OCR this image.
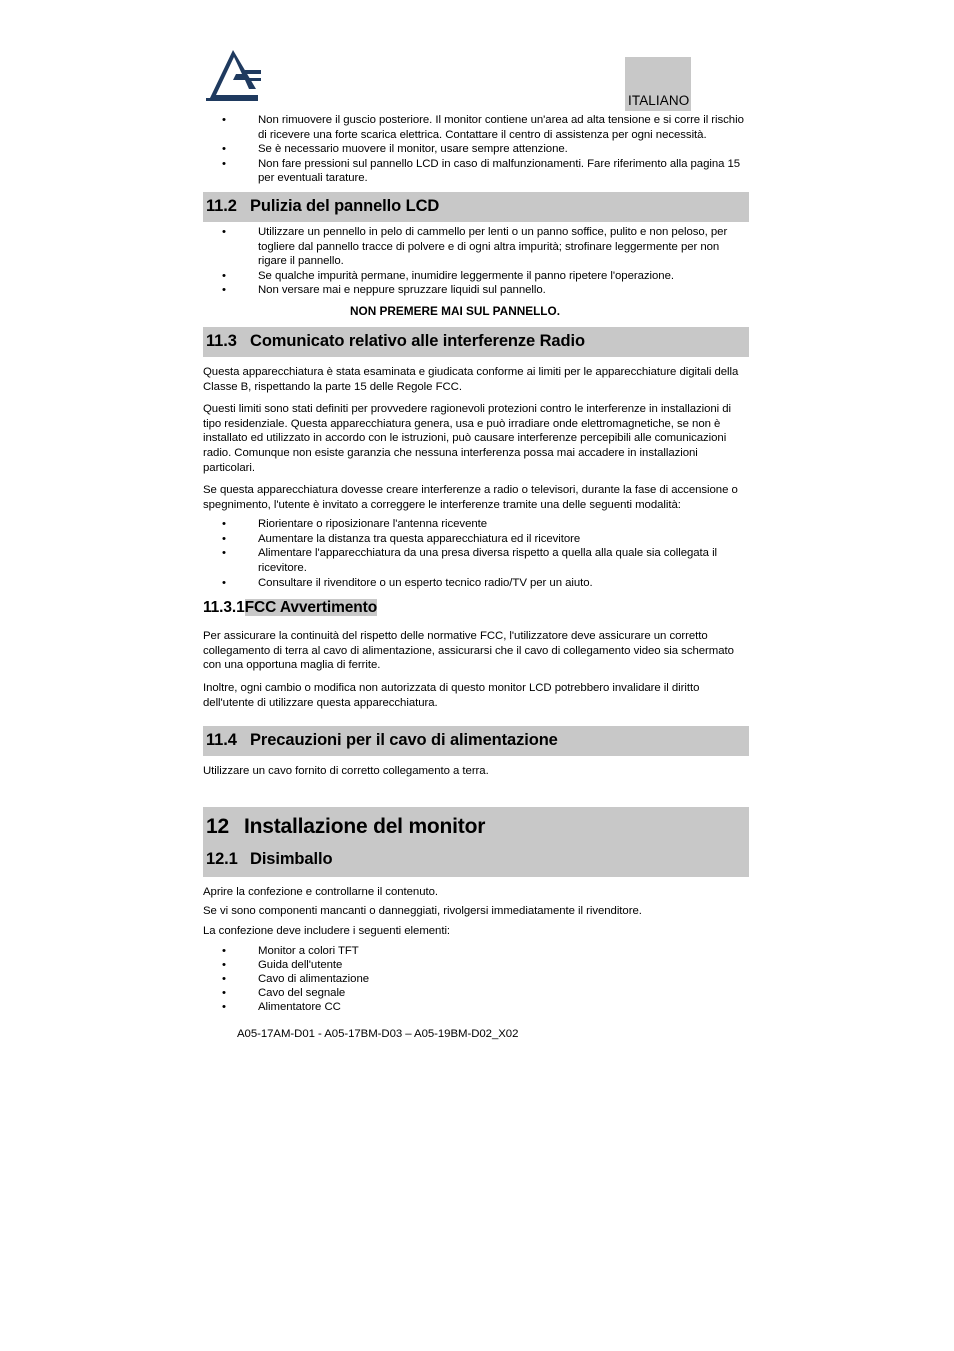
ITALIANO
•	Non rimuovere il guscio posteriore. Il monitor contiene un'area ad alta tensione e si corre il rischio di ricevere una forte scarica elettrica. Contattare il centro di assistenza per ogni necessità.
•	Se è necessario muovere il monitor, usare sempre attenzione.
•	Non fare pressioni sul pannello LCD in caso di malfunzionamenti. Fare riferimento alla pagina 15 per eventuali tarature.
11.2 Pulizia del pannello LCD
•	Utilizzare un pennello in pelo di cammello per lenti o un panno soffice, pulito e non peloso, per togliere dal pannello tracce di polvere e di ogni altra impurità; strofinare leggermente per non rigare il pannello.
•	Se qualche impurità permane, inumidire leggermente il panno ripetere l'operazione.
•	Non versare mai e neppure spruzzare liquidi sul pannello.

NON PREMERE MAI SUL PANNELLO.

11.3 Comunicato relativo alle interferenze Radio

Questa apparecchiatura è stata esaminata e giudicata conforme ai limiti per le apparecchiature digitali della Classe B, rispettando la parte 15 delle Regole FCC.

Questi limiti sono stati definiti per provvedere ragionevoli protezioni contro le interferenze in installazioni di tipo residenziale. Questa apparecchiatura genera, usa e può irradiare onde elettromagnetiche, se non è installato ed utilizzato in accordo con le istruzioni, può causare interferenze percepibili alle comunicazioni radio. Comunque non esiste garanzia che nessuna interferenza possa mai accadere in installazioni particolari.

Se questa apparecchiatura dovesse creare interferenze a radio o televisori, durante la fase di accensione o spegnimento, l'utente è invitato a correggere le interferenze tramite una delle seguenti modalità:

•	Riorientare o riposizionare l'antenna ricevente
•	Aumentare la distanza tra questa apparecchiatura ed il ricevitore
•	Alimentare l'apparecchiatura da una presa diversa rispetto a quella alla quale sia collegata il ricevitore.
•	Consultare il rivenditore o un esperto tecnico radio/TV per un aiuto.
11.3.1FCC Avvertimento

Per assicurare la continuità del rispetto delle normative FCC, l'utilizzatore deve assicurare un corretto collegamento di terra al cavo di alimentazione, assicurarsi che il cavo di collegamento video sia schermato con una opportuna maglia di ferrite.

Inoltre, ogni cambio o modifica non autorizzata di questo monitor LCD potrebbero invalidare il diritto dell'utente di utilizzare questa apparecchiatura.

11.4 Precauzioni per il cavo di alimentazione

Utilizzare un cavo fornito di corretto collegamento a terra.

12 Installazione del monitor
12.1 Disimballo

Aprire la confezione e controllarne il contenuto.

Se vi sono componenti mancanti o danneggiati, rivolgersi immediatamente il rivenditore.

La confezione deve includere i seguenti elementi:

•	Monitor a colori TFT
•	Guida dell'utente
•	Cavo di alimentazione
•	Cavo del segnale
•	Alimentatore CC

A05-17AM-D01 - A05-17BM-D03 – A05-19BM-D02_X02
